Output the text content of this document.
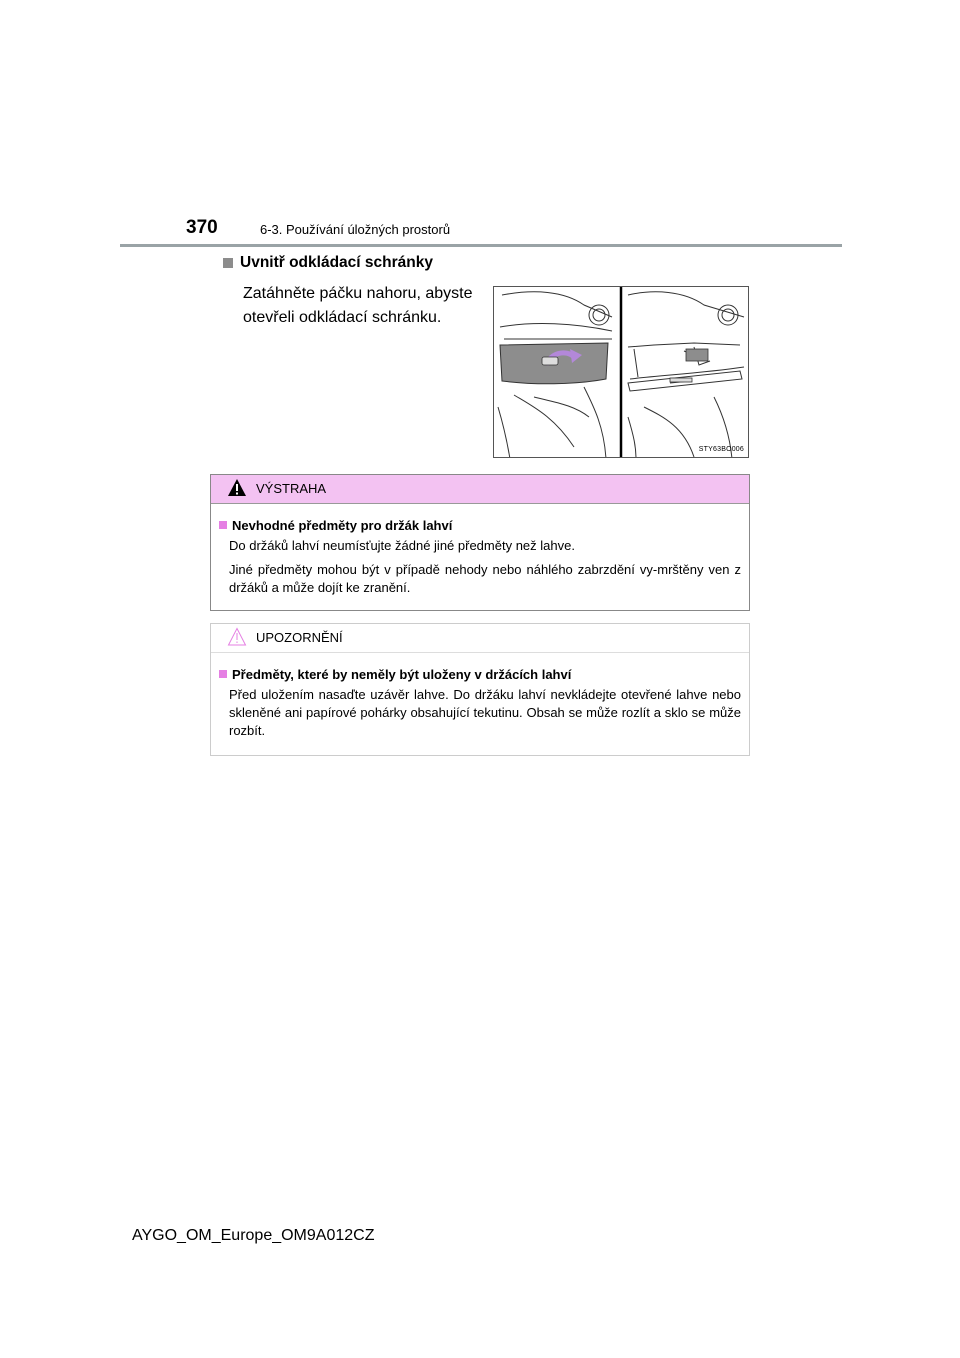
370	6-3. Používání úložných prostorů
Uvnitř odkládací schránky
Zatáhněte páčku nahoru, abyste otevřeli odkládací schránku.
STY63BO006
VÝSTRAHA
Nevhodné předměty pro držák lahví

Do držáků lahví neumísťujte žádné jiné předměty než lahve.

Jiné předměty mohou být v případě nehody nebo náhlého zabrzdění vy-mrštěny ven z držáků a může dojít ke zranění.

UPOZORNĚNÍ
Předměty, které by neměly být uloženy v držácích lahví

Před uložením nasaďte uzávěr lahve. Do držáku lahví nevkládejte otevřené lahve nebo skleněné ani papírové pohárky obsahující tekutinu. Obsah se může rozlít a sklo se může rozbít.

AYGO_OM_Europe_OM9A012CZ
